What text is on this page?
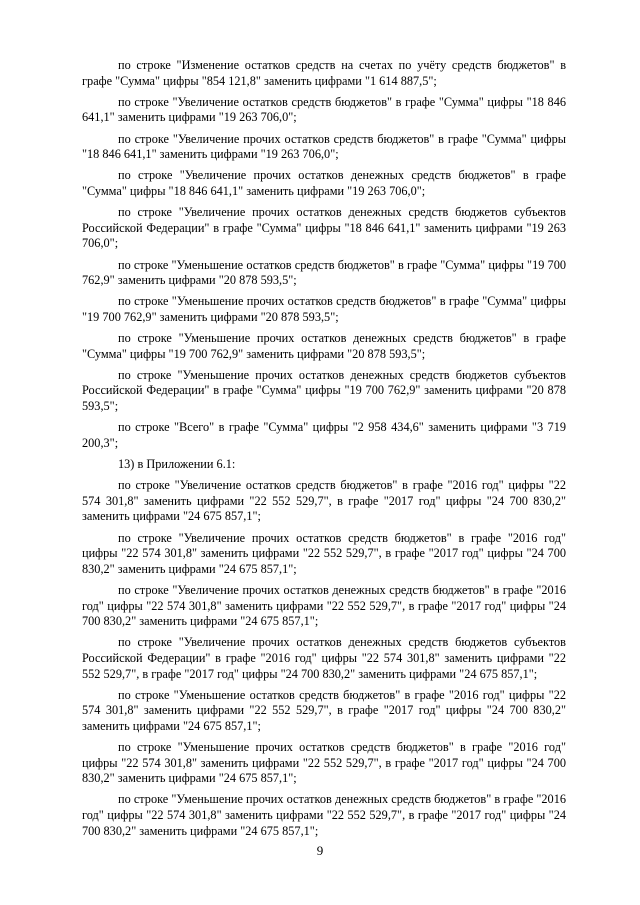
по строке "Изменение остатков средств на счетах по учёту средств бюджетов" в графе "Сумма" цифры "854 121,8" заменить цифрами "1 614 887,5";

по строке "Увеличение остатков средств бюджетов" в графе "Сумма" цифры "18 846 641,1" заменить цифрами "19 263 706,0";

по строке "Увеличение прочих остатков средств бюджетов" в графе "Сумма" цифры "18 846 641,1" заменить цифрами "19 263 706,0";

по строке "Увеличение прочих остатков денежных средств бюджетов" в графе "Сумма" цифры "18 846 641,1" заменить цифрами "19 263 706,0";

по строке "Увеличение прочих остатков денежных средств бюджетов субъектов Российской Федерации" в графе "Сумма" цифры "18 846 641,1" заменить цифрами "19 263 706,0";

по строке "Уменьшение остатков средств бюджетов" в графе "Сумма" цифры "19 700 762,9" заменить цифрами "20 878 593,5";

по строке "Уменьшение прочих остатков средств бюджетов" в графе "Сумма" цифры "19 700 762,9" заменить цифрами "20 878 593,5";

по строке "Уменьшение прочих остатков денежных средств бюджетов" в графе "Сумма" цифры "19 700 762,9" заменить цифрами "20 878 593,5";

по строке "Уменьшение прочих остатков денежных средств бюджетов субъектов Российской Федерации" в графе "Сумма" цифры "19 700 762,9" заменить цифрами "20 878 593,5";

по строке "Всего" в графе "Сумма" цифры "2 958 434,6" заменить цифрами "3 719 200,3";

13) в Приложении 6.1:

по строке "Увеличение остатков средств бюджетов" в графе "2016 год" цифры "22 574 301,8" заменить цифрами "22 552 529,7", в графе "2017 год" цифры "24 700 830,2" заменить цифрами "24 675 857,1";

по строке "Увеличение прочих остатков средств бюджетов" в графе "2016 год" цифры "22 574 301,8" заменить цифрами "22 552 529,7", в графе "2017 год" цифры "24 700 830,2" заменить цифрами "24 675 857,1";

по строке "Увеличение прочих остатков денежных средств бюджетов" в графе "2016 год" цифры "22 574 301,8" заменить цифрами "22 552 529,7", в графе "2017 год" цифры "24 700 830,2" заменить цифрами "24 675 857,1";

по строке "Увеличение прочих остатков денежных средств бюджетов субъектов Российской Федерации" в графе "2016 год" цифры "22 574 301,8" заменить цифрами "22 552 529,7", в графе "2017 год" цифры "24 700 830,2" заменить цифрами "24 675 857,1";

по строке "Уменьшение остатков средств бюджетов" в графе "2016 год" цифры "22 574 301,8" заменить цифрами "22 552 529,7", в графе "2017 год" цифры "24 700 830,2" заменить цифрами "24 675 857,1";

по строке "Уменьшение прочих остатков средств бюджетов" в графе "2016 год" цифры "22 574 301,8" заменить цифрами "22 552 529,7", в графе "2017 год" цифры "24 700 830,2" заменить цифрами "24 675 857,1";

по строке "Уменьшение прочих остатков денежных средств бюджетов" в графе "2016 год" цифры "22 574 301,8" заменить цифрами "22 552 529,7", в графе "2017 год" цифры "24 700 830,2" заменить цифрами "24 675 857,1";

9
